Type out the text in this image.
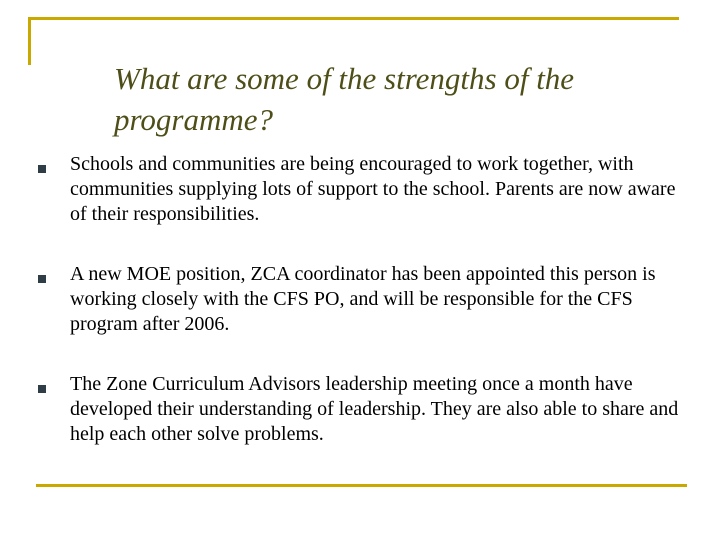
What are some of the strengths of the programme?
Schools and communities are being encouraged to work together, with communities supplying lots of support to the school. Parents are now aware of their responsibilities.
A new MOE position, ZCA coordinator has been appointed this person is working closely with the CFS PO, and will be responsible for the CFS program after 2006.
The Zone Curriculum Advisors leadership meeting once a month have developed their understanding of leadership. They are also able to share and help each other solve problems.
